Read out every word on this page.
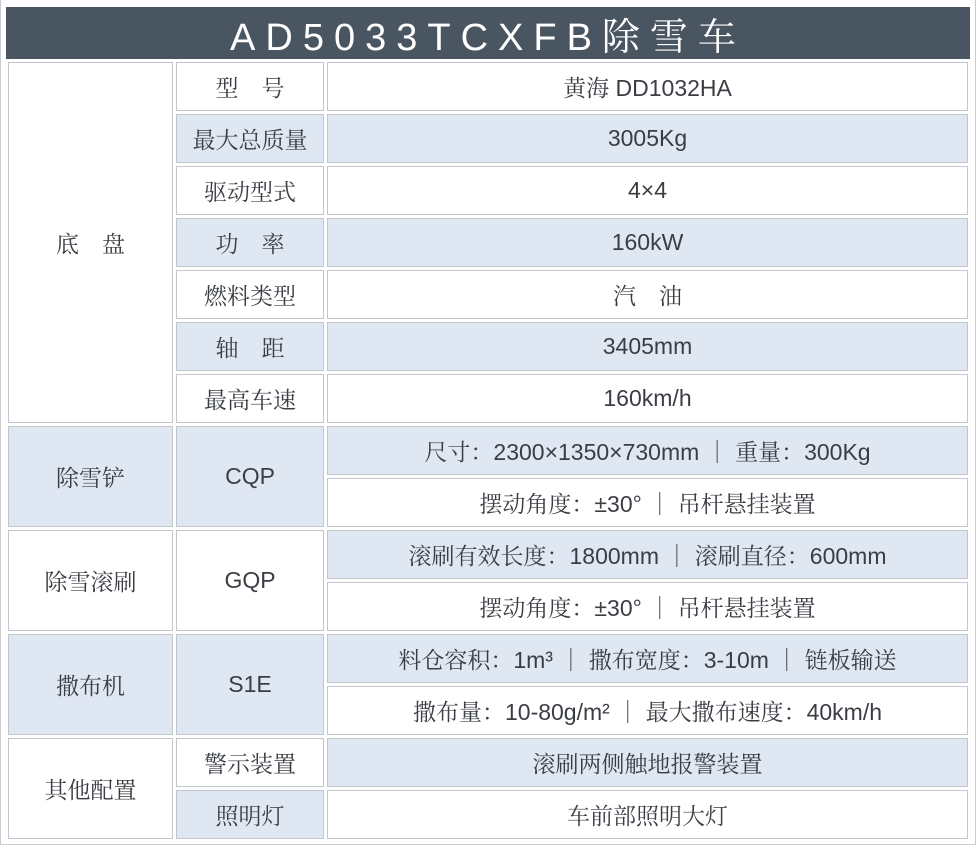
AD5033TCXFB除雪车
底　盘	型　号	黄海 DD1032HA
	最大总质量	3005Kg
	驱动型式	4×4
	功　率	160kW
	燃料类型	汽　油
	轴　距	3405mm
	最高车速	160km/h
除雪铲	CQP	尺寸：2300×1350×730mm ｜ 重量：300Kg
		摆动角度：±30° ｜ 吊杆悬挂装置
除雪滚刷	GQP	滚刷有效长度：1800mm ｜ 滚刷直径：600mm
		摆动角度：±30° ｜ 吊杆悬挂装置
撒布机	S1E	料仓容积：1m³ ｜ 撒布宽度：3-10m ｜ 链板输送
		撒布量：10-80g/m² ｜ 最大撒布速度：40km/h
其他配置	警示装置	滚刷两侧触地报警装置
	照明灯	车前部照明大灯
